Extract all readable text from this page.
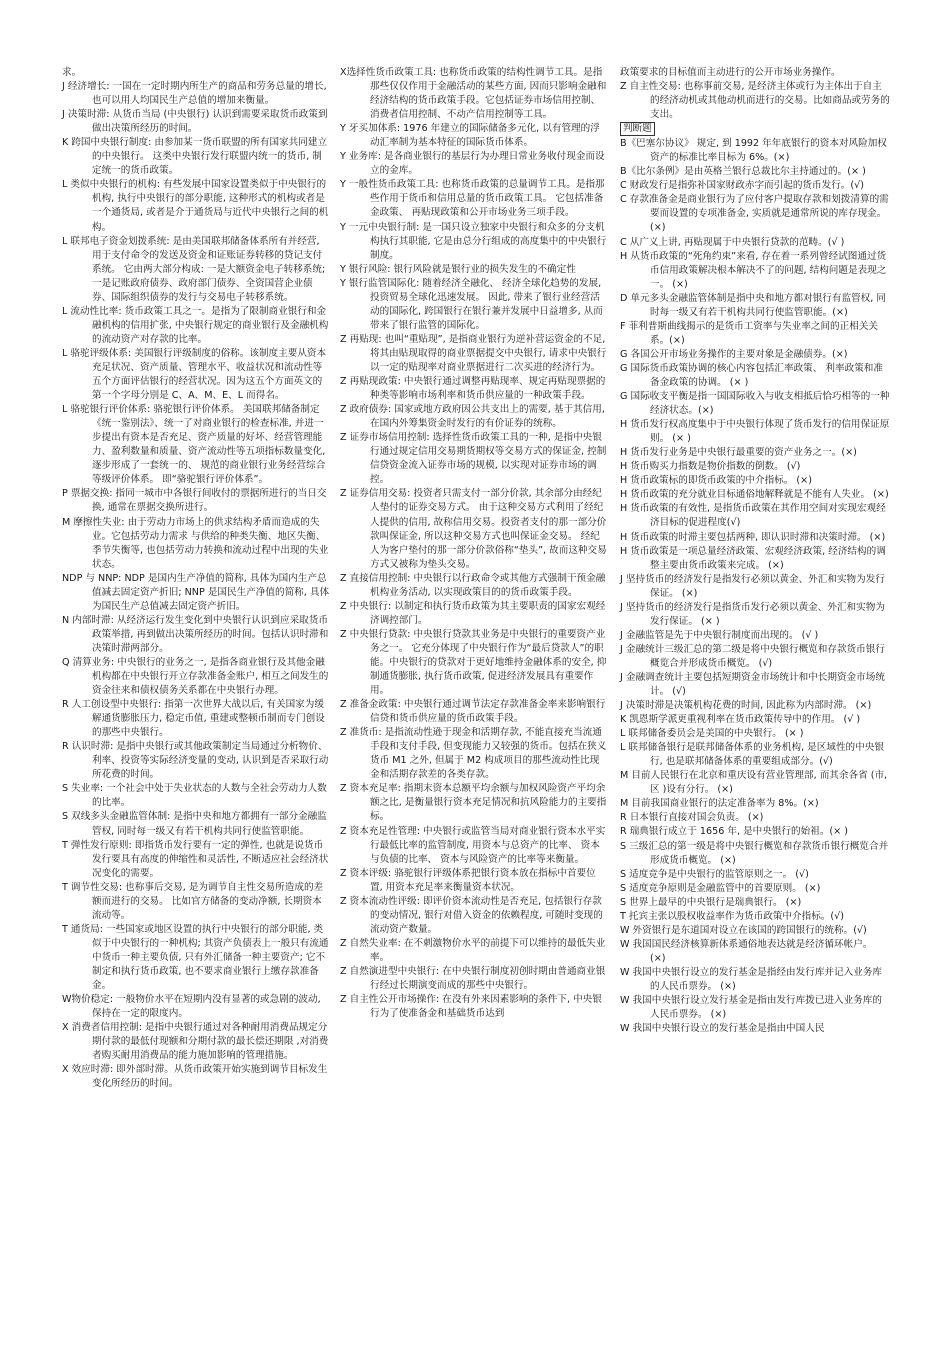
求。

J 经济增长: 一国在一定时期内所生产的商品和劳务总量的增长, 也可以用人均国民生产总值的增加来衡量。

J 决策时滞: 从货币当局 (中央银行) 认识到需要采取货币政策到做出决策所经历的时间。

K 跨国中央银行制度: 由参加某一货币联盟的所有国家共同建立的中央银行。 这类中央银行发行联盟内统一的货币, 制定统一的货币政策。

L 类似中央银行的机构: 有些发展中国家设置类似于中央银行的机构, 执行中央银行的部分职能, 这种形式的机构或者是一个通货局, 或者是介于通货局与近代中央银行之间的机构。

L 联邦电子资金划拨系统: 是由美国联邦储备体系所有并经营, 用于支付命令的发送及资金和证账证券转移的贷记支付系统。 它由两大部分构成: 一是大额资金电子转移系统; 一是记账政府债券、政府部门债券、全资国营企业债券、国际组织债券的发行与交易电子转移系统。

L 流动性比率: 货币政策工具之一。是指为了限制商业银行和金融机构的信用扩张, 中央银行规定的商业银行及金融机构的流动资产对存款的比率。

L 骆驼评级体系: 美国银行评级制度的俗称。该制度主要从资本充足状况、资产质量、管理水平、收益状况和流动性等五个方面评估银行的经营状况。因为这五个方面英文的第一个字母分别是 C、A、M、E、L 而得名。

L 骆驼银行评价体系: 骆驼银行评价体系。 美国联邦储备制定《统一鉴别法》、统一了对商业银行的检查标准, 并进一步提出有资本是否充足、资产质量的好坏、经营管理能力、盈利数量和质量、资产流动性等五项指标数量变化, 逐步形成了一套统一的、 规范的商业银行业务经营综合等级评价体系。 即“骆驼银行评价体系”。

P 票据交换: 指同一城市中各银行间收付的票据所进行的当日交换, 通常在票据交换所进行。

M 摩擦性失业: 由于劳动力市场上的供求结构矛盾而造成的失业。它包括劳动力需求 与供给的种类失衡、地区失衡、季节失衡等, 也包括劳动力转换和流动过程中出现的失业状态。

NDP 与 NNP: NDP 是国内生产净值的简称, 具体为国内生产总值减去固定资产折旧; NNP 是国民生产净值的简称, 具体为国民生产总值减去固定资产折旧。

N 内部时滞: 从经济运行发生变化到中央银行认识到应采取货币政策举措, 再到做出决策所经历的时间。包括认识时滞和决策时滞两部分。

Q 清算业务: 中央银行的业务之一, 是指各商业银行及其他金融机构都在中央银行开立存款准备金账户, 相互之间发生的资金往来和债权债务关系都在中央银行办理。

R 人工创设型中央银行: 指第一次世界大战以后, 有关国家为缓解通货膨胀压力, 稳定币值, 重建或整顿币制而专门创设的那些中央银行。

R 认识时滞: 是指中央银行或其他政策制定当局通过分析物价、利率、投资等实际经济变量的变动, 认识到是否采取行动所花费的时间。

S 失业率: 一个社会中处于失业状态的人数与全社会劳动力人数的比率。

S 双线多头金融监管体制: 是指中央和地方都拥有一部分金融监管权, 同时每一级又有若干机构共同行使监管职能。

T 弹性发行原则: 即指货币发行要有一定的弹性, 也就是说货币发行要具有高度的伸缩性和灵活性, 不断适应社会经济状况变化的需要。

T 调节性交易: 也称事后交易, 是为调节自主性交易所造成的差额而进行的交易。 比如官方储备的变动净额, 长期资本流动等。

T 通货局: 一些国家或地区设置的执行中央银行的部分职能, 类似于中央银行的一种机构; 其资产负债表上一般只有流通中货币一种主要负债, 只有外汇储备一种主要资产; 它不制定和执行货币政策, 也不要求商业银行上缴存款准备金。

W物价稳定: 一般物价水平在短期内没有显著的或急剧的波动, 保持在一定的限度内。

X 消费者信用控制: 是指中央银行通过对各种耐用消费品规定分期付款的最低付现额和分期付款的最长偿还期限 ,对消费者购买耐用消费品的能力施加影响的管理措施。

X 效应时滞: 即外部时滞。从货币政策开始实施到调节目标发生变化所经历的时间。

X选择性货币政策工具: 也称货币政策的结构性调节工具。是指那些仅仅作用于金融活动的某些方面, 因而只影响金融和经济结构的货币政策手段。它包括证券市场信用控制、 消费者信用控制、不动产信用控制等工具。

Y 牙买加体系: 1976 年建立的国际储备多元化, 以有管理的浮动汇率制为基本特征的国际货币体系。

Y 业务库: 是各商业银行的基层行为办理日常业务收付现金而设立的金库。

Y 一般性货币政策工具: 也称货币政策的总量调节工具。是指那些作用于货币和信用总量的货币政策工具。 它包括准备金政策、 再贴现政策和公开市场业务三项手段。

Y 一元中央银行制: 是一国只设立独家中央银行和众多的分支机构执行其职能, 它是由总分行组成的高度集中的中央银行制度。

Y 银行风险: 银行风险就是银行业的损失发生的不确定性

Y 银行监管国际化: 随着经济全融化、 经济全球化趋势的发展, 投资贸易全球化迅速发展。 因此, 带来了银行业经营活动的国际化, 跨国银行在银行兼并发展中日益增多, 从而带来了银行监管的国际化。

Z 再贴现: 也叫“重贴现”, 是指商业银行为逆补营运资金的不足, 将其由贴现取得的商业票据提交中央银行, 请求中央银行以一定的贴现率对商业票据进行二次买进的经济行为。

Z 再贴现政策: 中央银行通过调整再贴现率、规定再贴现票据的种类等影响市场利率和货币供应量的一种政策手段。

Z 政府债券: 国家或地方政府因公共支出上的需要, 基于其信用, 在国内外筹集资金时发行的有价证券的统称。

Z 证券市场信用控制: 选择性货币政策工具的一种, 是指中央银行通过规定信用交易期货期权等交易方式的保证金, 控制信贷资金流入证券市场的规模, 以实现对证券市场的调控。

Z 证券信用交易: 投资者只需支付一部分价款, 其余部分由经纪人垫付的证券交易方式。 由于这种交易方式利用了经纪人提供的信用, 故称信用交易。投资者支付的那一部分价款叫保证金, 所以这种交易方式也叫保证金交易。 经纪人为客户垫付的那一部分价款俗称“垫头”, 故而这种交易方式又被称为垫头交易。

Z 直接信用控制: 中央银行以行政命令或其他方式强制干预金融机构业务活动, 以实现政策目的的货币政策手段。

Z 中央银行: 以制定和执行货币政策为其主要职责的国家宏观经济调控部门。

Z 中央银行贷款: 中央银行贷款其业务是中央银行的重要资产业务之一。 它充分体现了中央银行作为“最后贷款人”的职能。中央银行的贷款对于更好地维持金融体系的安全, 抑制通货膨胀, 执行货币政策, 促进经济发展具有重要作用。

Z 准备金政策: 中央银行通过调节法定存款准备金率来影响银行信贷和货币供应量的货币政策手段。

Z 准货币: 是指流动性逊于现金和活期存款, 不能直接充当流通手段和支付手段, 但变现能力又较强的货币。包括在狭义货币 M1 之外, 但属于 M2 构成项目的那些流动性比现金和活期存款差的各类存款。

Z 资本充足率: 指期末资本总额平均余额与加权风险资产平均余额之比, 是衡量银行资本充足情况和抗风险能力的主要指标。

Z 资本充足性管理: 中央银行或监管当局对商业银行资本水平实行最低比率的监管制度, 用资本与总资产的比率、 资本与负债的比率、 资本与风险资产的比率等来衡量。

Z 资本评级: 骆驼银行评级体系把银行资本放在指标中首要位置, 用资本充足率来衡量资本状况。

Z 资本流动性评级: 即评价资本流动性是否充足, 包括银行存款的变动情况, 银行对借入资金的依赖程度, 可随时变现的流动资产数量。

Z 自然失业率: 在不刺激物价水平的前提下可以维持的最低失业率。

Z 自然演进型中央银行: 在中央银行制度初创时期由普通商业银行经过长期演变而成的那些中央银行。

Z 自主性公开市场操作: 在没有外来因素影响的条件下, 中央银行为了使准备金和基础货币达到

政策要求的目标值而主动进行的公开市场业务操作。

Z 自主性交易: 也称事前交易, 是经济主体或行为主体出于自主的经济动机或其他动机而进行的交易。比如商品或劳务的支出。

判断题

B《巴塞尔协议》 规定, 到 1992 年年底银行的资本对风险加权资产的标准比率目标为 6%。(×)

B《比尔条例》是由英格兰银行总裁比尔主持通过的。(× )

C 财政发行是指弥补国家财政赤字而引起的货币发行。(√)

C 存款准备金是商业银行为了应付客户提取存款和划拨清算的需要而设置的专项准备金, 实质就是通常所说的库存现金。 (×)

C 从广义上讲, 再贴现属于中央银行贷款的范畴。(√ )

H 从货币政策的“死角约束”来看, 存在着一系列曾经试图通过货币信用政策解决根本解决不了的问题, 结构问题是表现之一。 (×)

D 单元多头金融监管体制是指中央和地方都对银行有监管权, 同时每一级又有若干机构共同行使监管职能。(×)

F 菲利普斯曲线揭示的是货币工资率与失业率之间的正相关关系。(×)

G 各国公开市场业务操作的主要对象是金融债券。(×)

G 国际货币政策协调的核心内容包括汇率政策、 利率政策和准备金政策的协调。 (× )

G 国际收支平衡是指一国国际收入与收支相抵后恰巧相等的一种经济状态。(×)

H 货币发行权高度集中于中央银行体现了货币发行的信用保证原则。 (× )

H 货币发行业务是中央银行最重要的资产业务之一。(×)

H 货币购买力指数是物价指数的倒数。 (√)

H 货币政策标的即货币政策的中介指标。 (×)

H 货币政策的充分就业目标通俗地解释就是不能有人失业。 (×)

H 货币政策的有效性, 是指货币政策在其作用空间对实现宏观经济目标的促进程度(√)

H 货币政策的时滞主要包括两种, 即认识时滞和决策时滞。 (×)

H 货币政策是一项总量经济政策、宏观经济政策, 经济结构的调整主要由货币政策来完成。 (×)

J 坚持货币的经济发行是指发行必须以黄金、外汇和实物为发行保证。 (×)

J 坚持货币的经济发行是指货币发行必须以黄金、外汇和实物为发行保证。 (× )

J 金融监管是先于中央银行制度而出现的。 (√ )

J 金融统计三级汇总的第二级是将中央银行概览和存款货币银行概览合并形成货币概览。 (√)

J 金融调查统计主要包括短期资金市场统计和中长期资金市场统计。 (√)

J 决策时滞是决策机构花费的时间, 因此称为内部时滞。 (×)

K 凯恩斯学派更重视利率在货币政策传导中的作用。 (√ )

L 联邦储备委员会是美国的中央银行。 (× )

L 联邦储备银行是联邦储备体系的业务机构, 是区域性的中央银行, 也是联邦储备体系的重要组成部分。(√)

M 目前人民银行在北京和重庆设有营业管理部, 而其余各省 (市, 区 )设有分行。 (×)

M 目前我国商业银行的法定准备率为 8%。(×)

R 日本银行直接对国会负责。 (×)

R 瑞典银行成立于 1656 年, 是中央银行的始祖。(× )

S 三级汇总的第一级是将中央银行概览和存款货币银行概览合并形成货币概览。 (×)

S 适度竞争是中央银行的监管原则之一。 (√)

S 适度竞争原则是金融监管中的首要原则。 (×)

S 世界上最早的中央银行是瑞典银行。 (×)

T 托宾主张以股权收益率作为货币政策中介指标。(√)

W 外资银行是东道国对设立在该国的跨国银行的统称。(√)

W 我国国民经济核算新体系通俗地表达就是经济循环帐户。 (×)

W 我国中央银行设立的发行基金是指经由发行库并记入业务库的人民币票券。 (×)

W 我国中央银行设立发行基金是指由发行库拨已进入业务库的人民币票券。 (×)

W 我国中央银行设立的发行基金是指由中国人民
